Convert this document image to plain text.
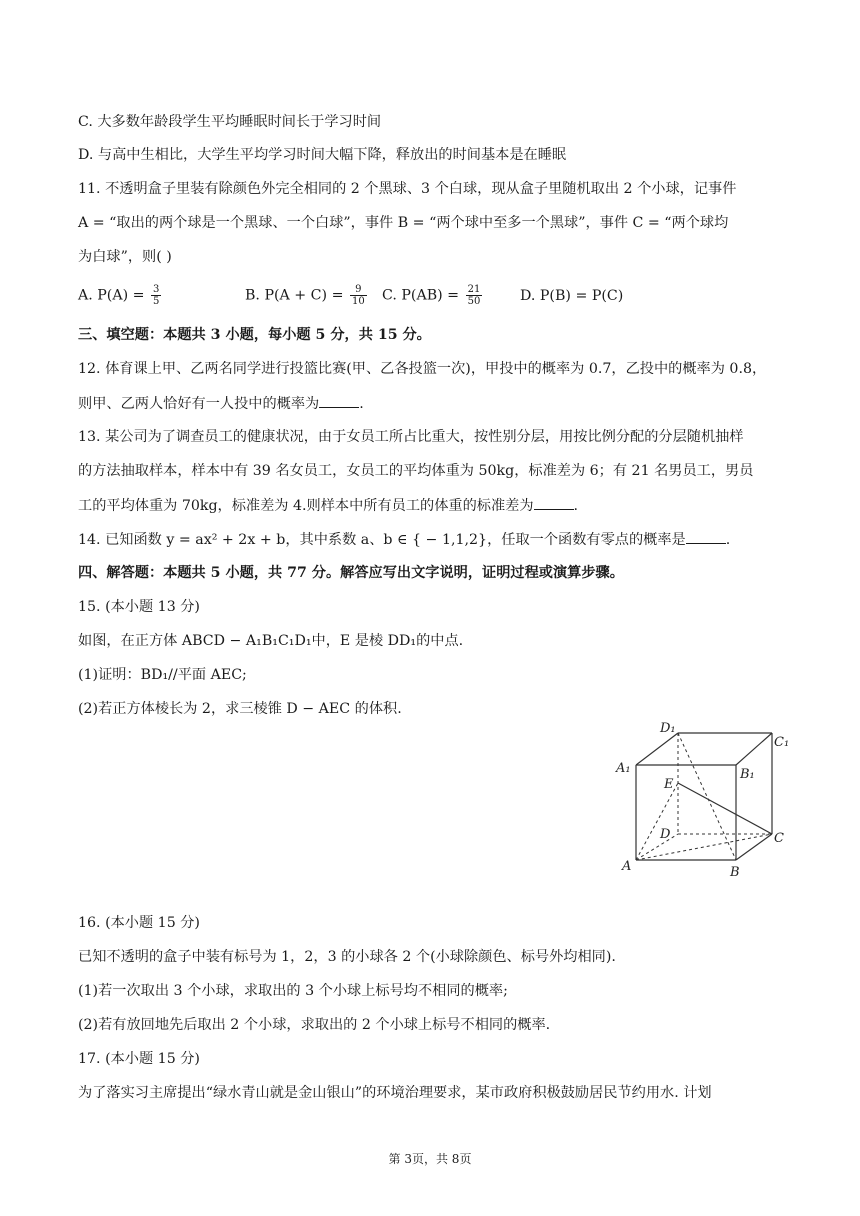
C. 大多数年龄段学生平均睡眠时间长于学习时间
D. 与高中生相比，大学生平均学习时间大幅下降，释放出的时间基本是在睡眠
11. 不透明盒子里装有除颜色外完全相同的 2 个黑球、3 个白球，现从盒子里随机取出 2 个小球，记事件
A = “取出的两个球是一个黑球、一个白球”，事件 B = “两个球中至多一个黑球”，事件 C = “两个球均
为白球”，则( )
A. $P(A) = \frac{3}{5}$	B. $P(A + C) = \frac{9}{10} C$. $P(AB) = \frac{21}{50}$	D. P(B) = P(C)
三、填空题：本题共 3 小题，每小题 5 分，共 15 分。
12. 体育课上甲、乙两名同学进行投篮比赛(甲、乙各投篮一次)，甲投中的概率为 0.7，乙投中的概率为 0.8，
则甲、乙两人恰好有一人投中的概率为	.
13. 某公司为了调查员工的健康状况，由于女员工所占比重大，按性别分层，用按比例分配的分层随机抽样
的方法抽取样本，样本中有 39 名女员工，女员工的平均体重为 50kg，标准差为 6；有 21 名男员工，男员
工的平均体重为 70kg，标准差为 4.则样本中所有员工的体重的标准差为	.
14. 已知函数 y = ax² + 2x + b，其中系数 a、b ∈ { − 1,1,2}，任取一个函数有零点的概率是	.
四、解答题：本题共 5 小题，共 77 分。解答应写出文字说明，证明过程或演算步骤。
15. (本小题 13 分)
如图，在正方体 ABCD − A₁B₁C₁D₁中，E 是棱 DD₁的中点.
(1)证明：BD₁//平面 AEC;
(2)若正方体棱长为 2，求三棱锥 D − AEC 的体积.
D₁
C₁
A₁	B₁
E
D	C
A	B
16. (本小题 15 分)
已知不透明的盒子中装有标号为 1，2，3 的小球各 2 个(小球除颜色、标号外均相同).
(1)若一次取出 3 个小球，求取出的 3 个小球上标号均不相同的概率;
(2)若有放回地先后取出 2 个小球，求取出的 2 个小球上标号不相同的概率.
17. (本小题 15 分)
为了落实习主席提出“绿水青山就是金山银山”的环境治理要求，某市政府积极鼓励居民节约用水. 计划
第 3页，共 8页
